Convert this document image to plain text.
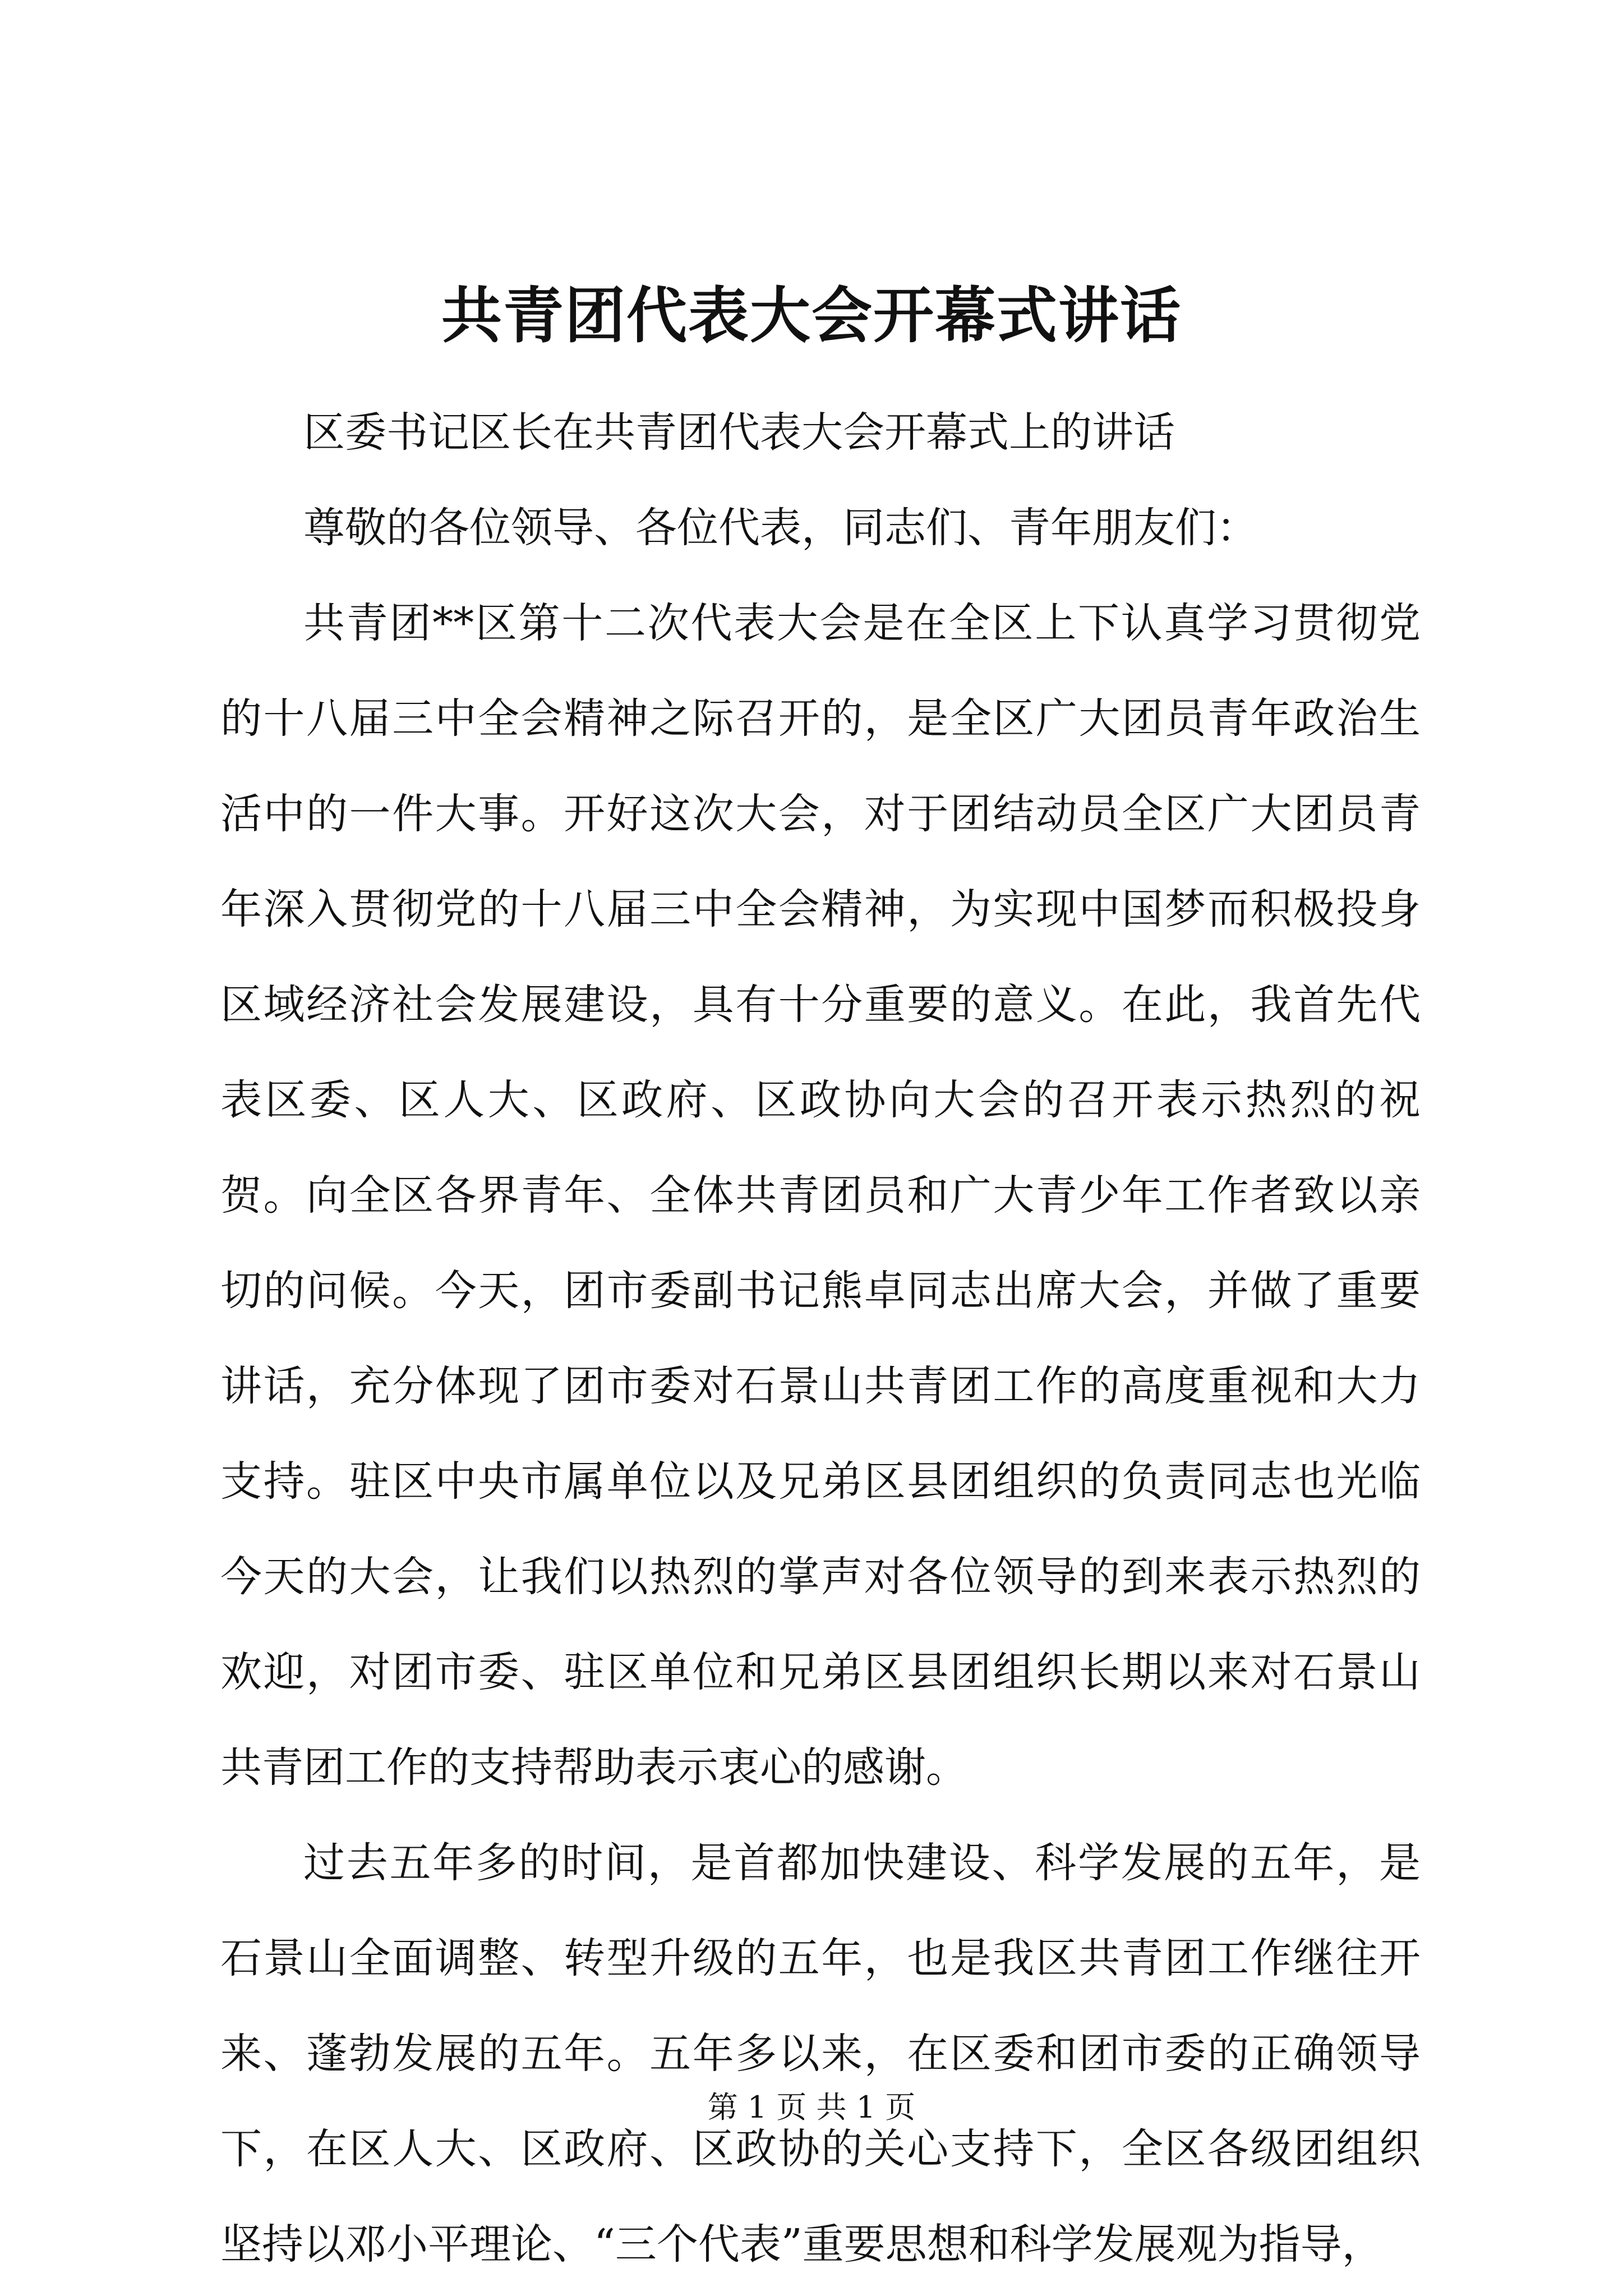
共青团代表大会开幕式讲话

区委书记区长在共青团代表大会开幕式上的讲话

尊敬的各位领导、各位代表，同志们、青年朋友们：

共青团**区第十二次代表大会是在全区上下认真学习贯彻党的十八届三中全会精神之际召开的，是全区广大团员青年政治生活中的一件大事。开好这次大会，对于团结动员全区广大团员青年深入贯彻党的十八届三中全会精神，为实现中国梦而积极投身区域经济社会发展建设，具有十分重要的意义。在此，我首先代表区委、区人大、区政府、区政协向大会的召开表示热烈的祝贺。向全区各界青年、全体共青团员和广大青少年工作者致以亲切的问候。今天，团市委副书记熊卓同志出席大会，并做了重要讲话，充分体现了团市委对石景山共青团工作的高度重视和大力支持。驻区中央市属单位以及兄弟区县团组织的负责同志也光临今天的大会，让我们以热烈的掌声对各位领导的到来表示热烈的欢迎，对团市委、驻区单位和兄弟区县团组织长期以来对石景山共青团工作的支持帮助表示衷心的感谢。

过去五年多的时间，是首都加快建设、科学发展的五年，是石景山全面调整、转型升级的五年，也是我区共青团工作继往开来、蓬勃发展的五年。五年多以来，在区委和团市委的正确领导下，在区人大、区政府、区政协的关心支持下，全区各级团组织坚持以邓小平理论、“三个代表”重要思想和科学发展观为指导，

第 1 页 共 1 页
